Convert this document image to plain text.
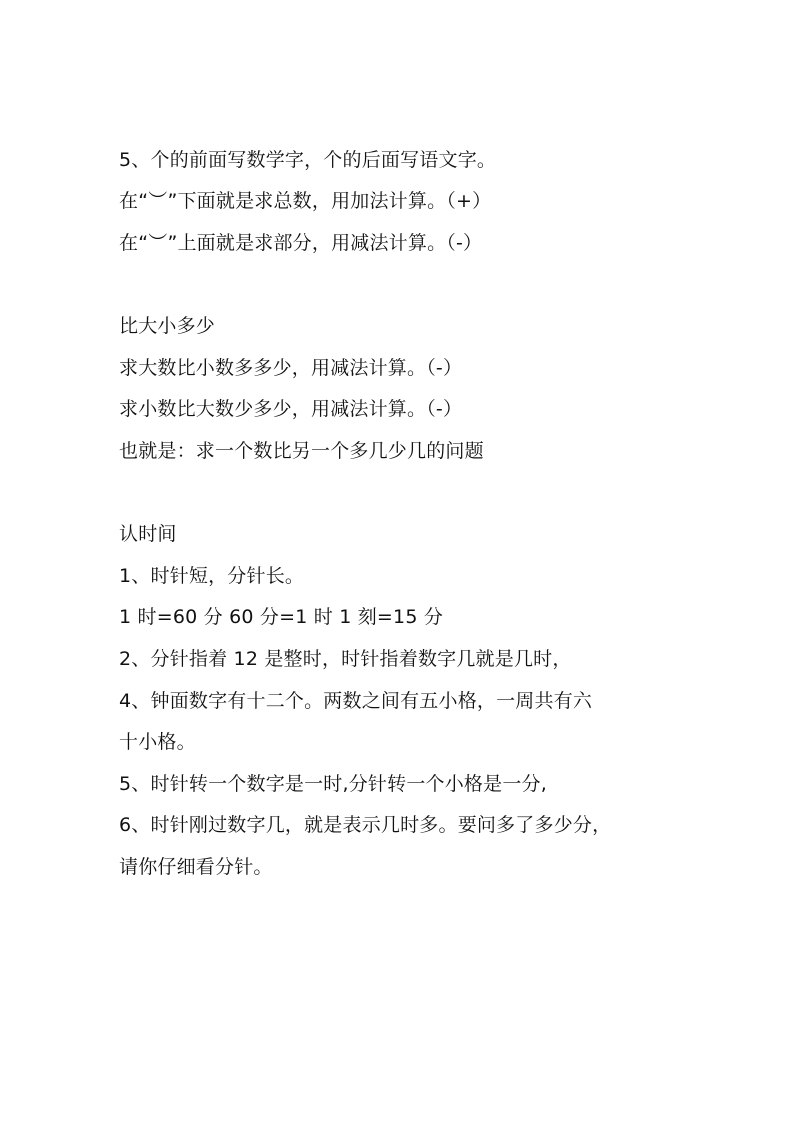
5、个的前面写数学字，个的后面写语文字。
在“︶”下面就是求总数，用加法计算。（+）
在“︶”上面就是求部分，用减法计算。（-）
比大小多少
求大数比小数多多少，用减法计算。（-）
求小数比大数少多少，用减法计算。（-）
也就是：求一个数比另一个多几少几的问题
认时间
1、时针短，分针长。
1 时=60 分 60 分=1 时 1 刻=15 分
2、分针指着 12 是整时，时针指着数字几就是几时，
4、钟面数字有十二个。两数之间有五小格，一周共有六
十小格。
5、时针转一个数字是一时,分针转一个小格是一分,
6、时针刚过数字几，就是表示几时多。要问多了多少分，
请你仔细看分针。
